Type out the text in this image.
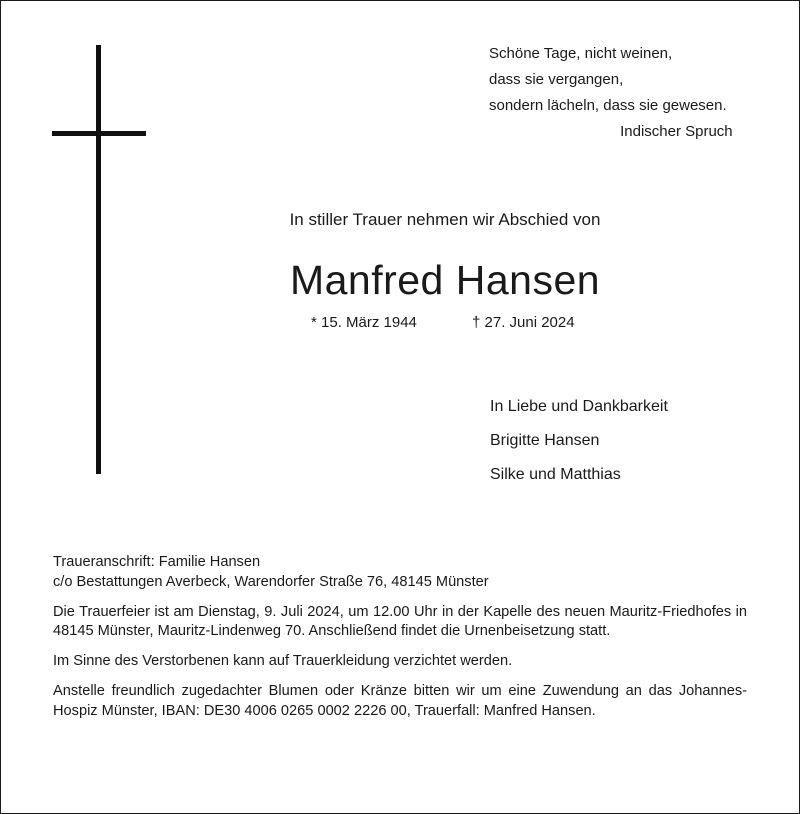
Schöne Tage, nicht weinen,
dass sie vergangen,
sondern lächeln, dass sie gewesen.
Indischer Spruch
In stiller Trauer nehmen wir Abschied von
Manfred Hansen
* 15. März 1944	† 27. Juni 2024
In Liebe und Dankbarkeit
Brigitte Hansen
Silke und Matthias

Traueranschrift: Familie Hansen
c/o Bestattungen Averbeck, Warendorfer Straße 76, 48145 Münster

Die Trauerfeier ist am Dienstag, 9. Juli 2024, um 12.00 Uhr in der Kapelle des neuen Mauritz-Friedhofes in 48145 Münster, Mauritz-Lindenweg 70. Anschließend findet die Urnenbeisetzung statt.

Im Sinne des Verstorbenen kann auf Trauerkleidung verzichtet werden.

Anstelle freundlich zugedachter Blumen oder Kränze bitten wir um eine Zuwendung an das Johannes-Hospiz Münster, IBAN: DE30 4006 0265 0002 2226 00, Trauerfall: Manfred Hansen.
